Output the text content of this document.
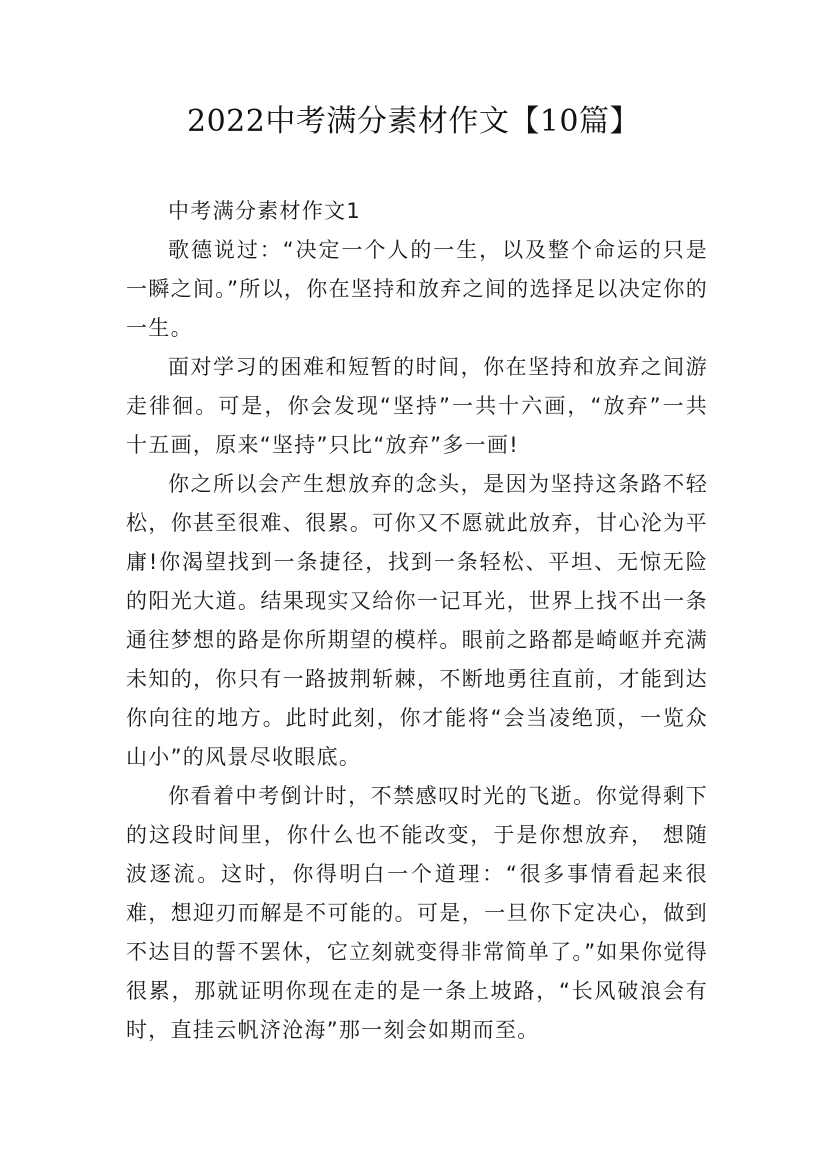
2022中考满分素材作文【10篇】

中考满分素材作文1

歌德说过：“决定一个人的一生，以及整个命运的只是一瞬之间。”所以，你在坚持和放弃之间的选择足以决定你的一生。

面对学习的困难和短暂的时间，你在坚持和放弃之间游走徘徊。可是，你会发现“坚持”一共十六画，“放弃”一共十五画，原来“坚持”只比“放弃”多一画!

你之所以会产生想放弃的念头，是因为坚持这条路不轻松，你甚至很难、很累。可你又不愿就此放弃，甘心沦为平庸!你渴望找到一条捷径，找到一条轻松、平坦、无惊无险的阳光大道。结果现实又给你一记耳光，世界上找不出一条通往梦想的路是你所期望的模样。眼前之路都是崎岖并充满未知的，你只有一路披荆斩棘，不断地勇往直前，才能到达你向往的地方。此时此刻，你才能将“会当凌绝顶，一览众山小”的风景尽收眼底。

你看着中考倒计时，不禁感叹时光的飞逝。你觉得剩下的这段时间里，你什么也不能改变，于是你想放弃， 想随波逐流。这时，你得明白一个道理：“很多事情看起来很难，想迎刃而解是不可能的。可是，一旦你下定决心，做到不达目的誓不罢休，它立刻就变得非常简单了。”如果你觉得很累，那就证明你现在走的是一条上坡路，“长风破浪会有时，直挂云帆济沧海”那一刻会如期而至。
